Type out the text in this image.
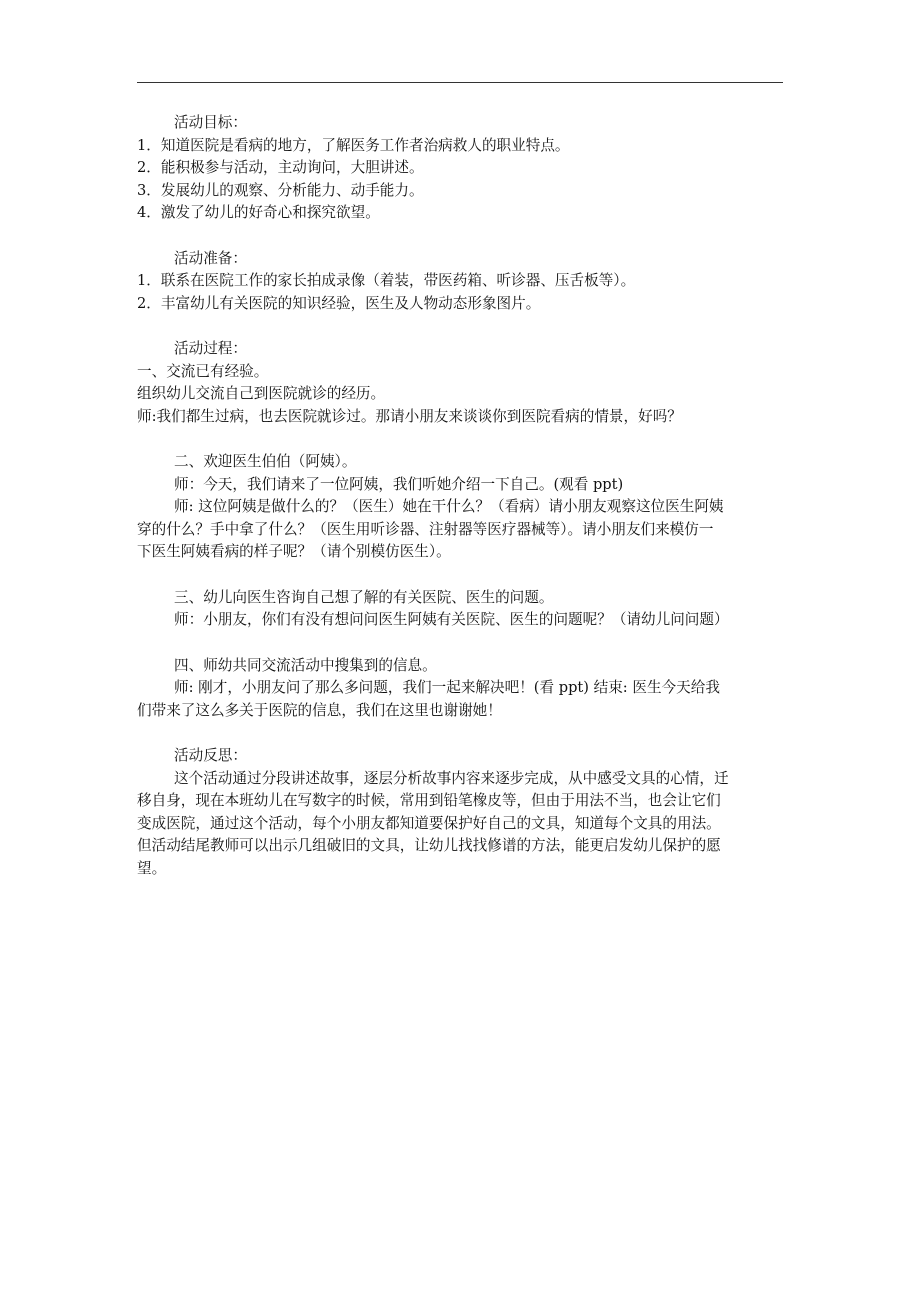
活动目标：

1．知道医院是看病的地方，了解医务工作者治病救人的职业特点。

2．能积极参与活动，主动询问，大胆讲述。

3．发展幼儿的观察、分析能力、动手能力。

4．激发了幼儿的好奇心和探究欲望。

活动准备：

1．联系在医院工作的家长拍成录像（着装，带医药箱、听诊器、压舌板等）。

2．丰富幼儿有关医院的知识经验，医生及人物动态形象图片。

活动过程：

一、交流已有经验。

组织幼儿交流自己到医院就诊的经历。

师:我们都生过病，也去医院就诊过。那请小朋友来谈谈你到医院看病的情景，好吗？

二、欢迎医生伯伯（阿姨）。

师：今天，我们请来了一位阿姨，我们听她介绍一下自己。(观看 ppt)

师: 这位阿姨是做什么的？（医生）她在干什么？（看病）请小朋友观察这位医生阿姨

穿的什么？手中拿了什么？（医生用听诊器、注射器等医疗器械等）。请小朋友们来模仿一

下医生阿姨看病的样子呢？（请个别模仿医生）。

三、幼儿向医生咨询自己想了解的有关医院、医生的问题。

师：小朋友，你们有没有想问问医生阿姨有关医院、医生的问题呢？（请幼儿问问题）

四、师幼共同交流活动中搜集到的信息。

师: 刚才，小朋友问了那么多问题，我们一起来解决吧！(看 ppt) 结束: 医生今天给我

们带来了这么多关于医院的信息，我们在这里也谢谢她！

活动反思：

这个活动通过分段讲述故事，逐层分析故事内容来逐步完成，从中感受文具的心情，迁

移自身，现在本班幼儿在写数字的时候，常用到铅笔橡皮等，但由于用法不当，也会让它们

变成医院，通过这个活动，每个小朋友都知道要保护好自己的文具，知道每个文具的用法。

但活动结尾教师可以出示几组破旧的文具，让幼儿找找修谱的方法，能更启发幼儿保护的愿

望。
